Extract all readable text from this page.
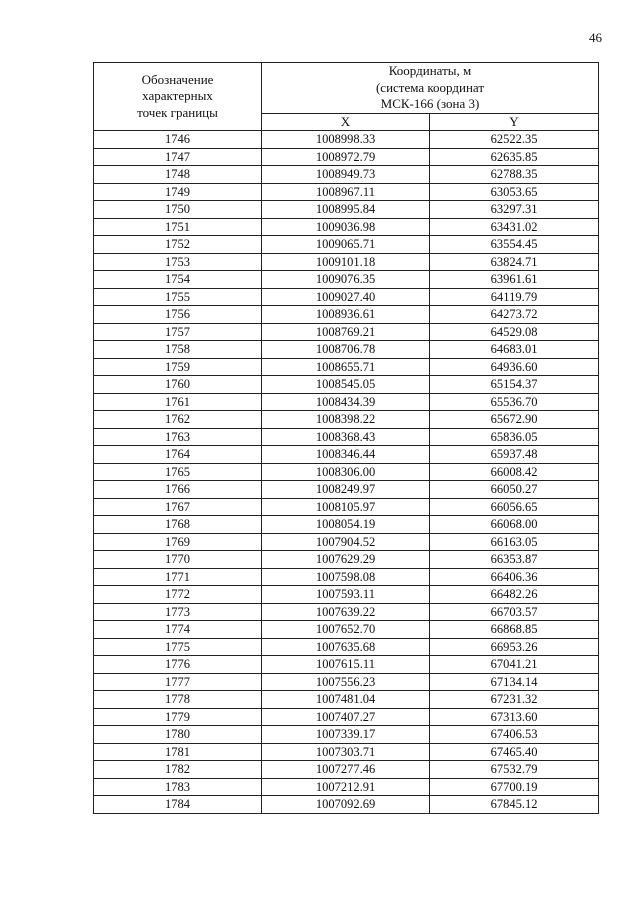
46
Обозначение
характерных
точек границы	Координаты, м
(система координат
МСК-166 (зона 3)	

	X	Y
1746	1008998.33	62522.35
1747	1008972.79	62635.85
1748	1008949.73	62788.35
1749	1008967.11	63053.65
1750	1008995.84	63297.31
1751	1009036.98	63431.02
1752	1009065.71	63554.45
1753	1009101.18	63824.71
1754	1009076.35	63961.61
1755	1009027.40	64119.79
1756	1008936.61	64273.72
1757	1008769.21	64529.08
1758	1008706.78	64683.01
1759	1008655.71	64936.60
1760	1008545.05	65154.37
1761	1008434.39	65536.70
1762	1008398.22	65672.90
1763	1008368.43	65836.05
1764	1008346.44	65937.48
1765	1008306.00	66008.42
1766	1008249.97	66050.27
1767	1008105.97	66056.65
1768	1008054.19	66068.00
1769	1007904.52	66163.05
1770	1007629.29	66353.87
1771	1007598.08	66406.36
1772	1007593.11	66482.26
1773	1007639.22	66703.57
1774	1007652.70	66868.85
1775	1007635.68	66953.26
1776	1007615.11	67041.21
1777	1007556.23	67134.14
1778	1007481.04	67231.32
1779	1007407.27	67313.60
1780	1007339.17	67406.53
1781	1007303.71	67465.40
1782	1007277.46	67532.79
1783	1007212.91	67700.19
1784	1007092.69	67845.12
